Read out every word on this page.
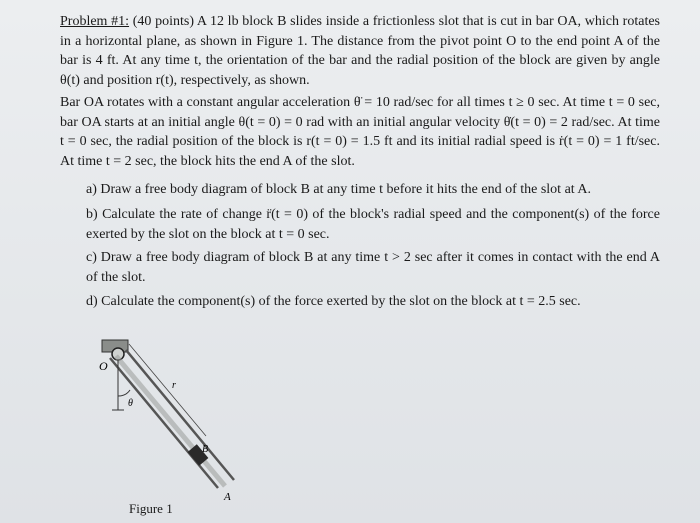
Problem #1: (40 points) A 12 lb block B slides inside a frictionless slot that is cut in bar OA, which rotates in a horizontal plane, as shown in Figure 1. The distance from the pivot point O to the end point A of the bar is 4 ft. At any time t, the orientation of the bar and the radial position of the block are given by angle θ(t) and position r(t), respectively, as shown.
Bar OA rotates with a constant angular acceleration θ̈ = 10 rad/sec for all times t ≥ 0 sec. At time t = 0 sec, bar OA starts at an initial angle θ(t = 0) = 0 rad with an initial angular velocity θ̇(t = 0) = 2 rad/sec. At time t = 0 sec, the radial position of the block is r(t = 0) = 1.5 ft and its initial radial speed is ṙ(t = 0) = 1 ft/sec. At time t = 2 sec, the block hits the end A of the slot.
a) Draw a free body diagram of block B at any time t before it hits the end of the slot at A.
b) Calculate the rate of change r̈(t = 0) of the block's radial speed and the component(s) of the force exerted by the slot on the block at t = 0 sec.
c) Draw a free body diagram of block B at any time t > 2 sec after it comes in contact with the end A of the slot.
d) Calculate the component(s) of the force exerted by the slot on the block at t = 2.5 sec.
O
A
B
r
θ
Figure 1
